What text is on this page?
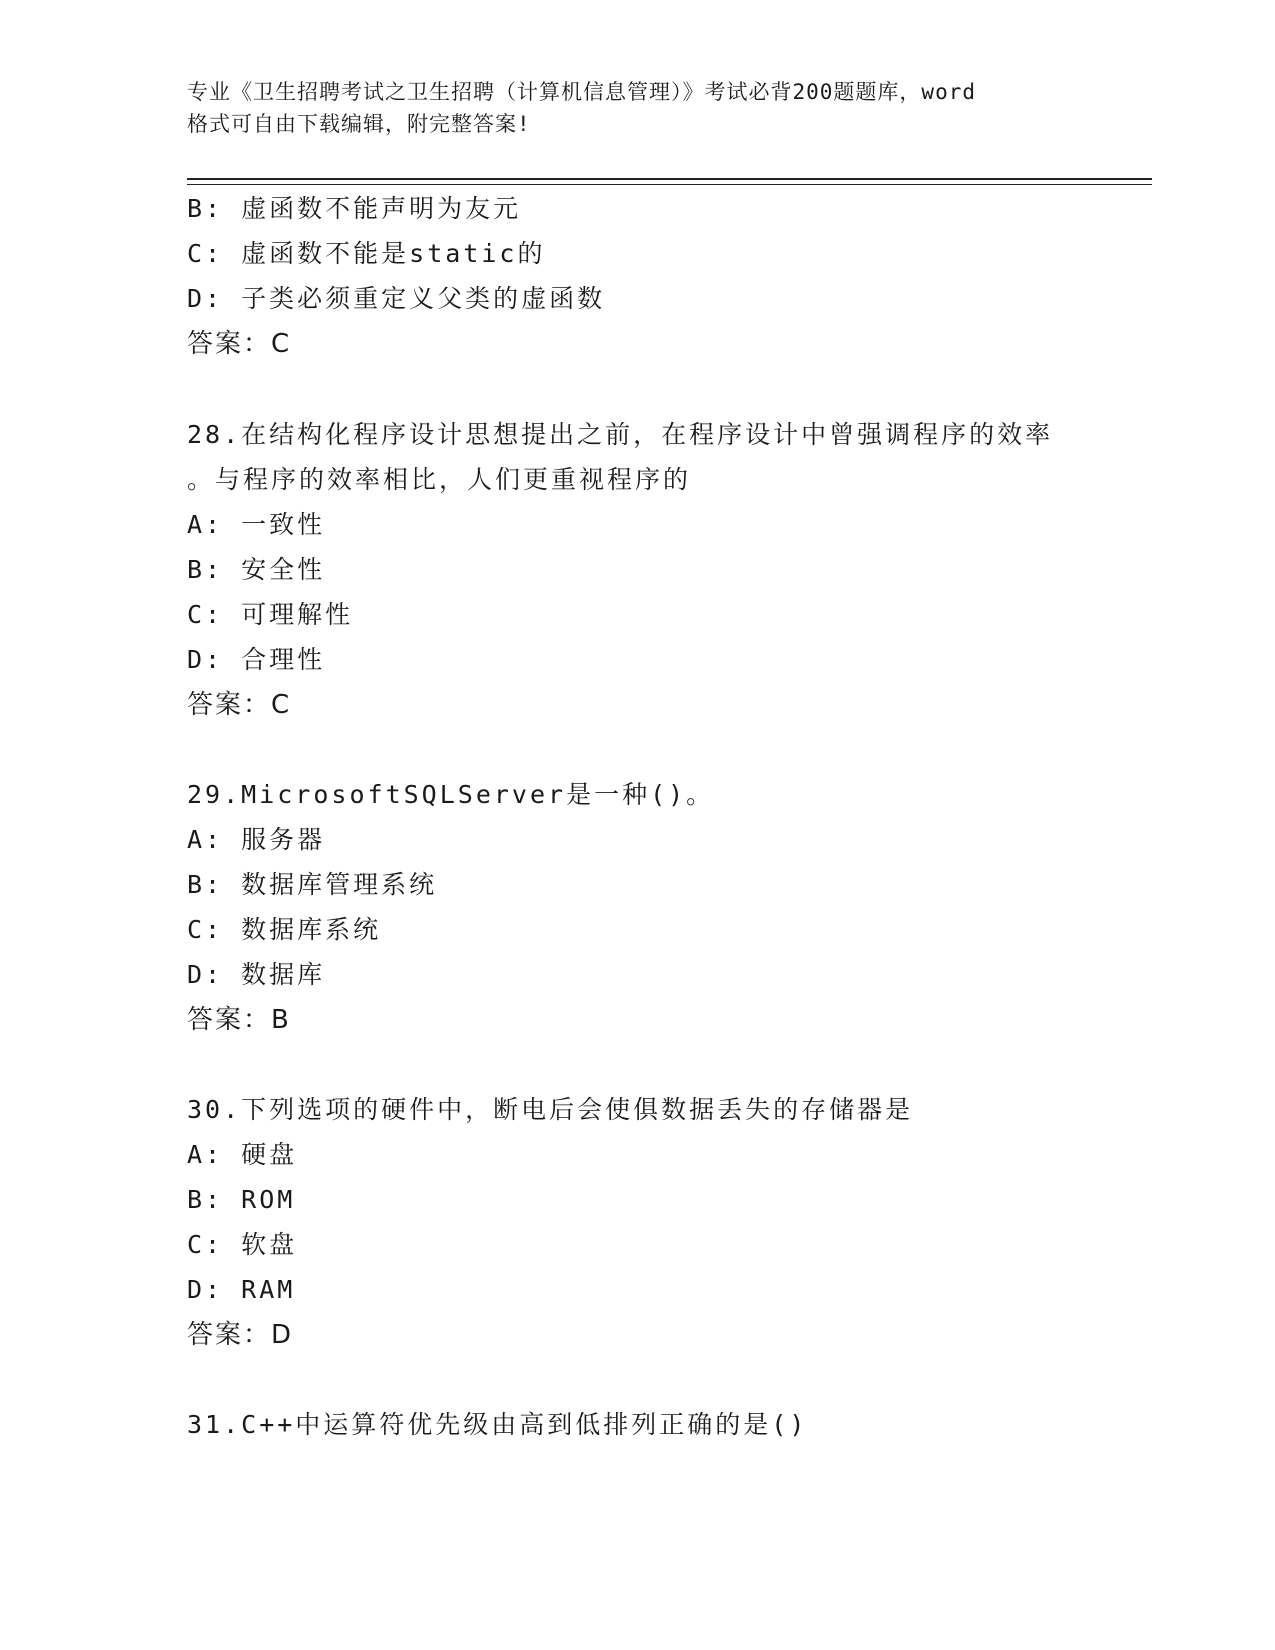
专业《卫生招聘考试之卫生招聘（计算机信息管理）》考试必背200题题库，word
格式可自由下载编辑，附完整答案!
B: 虚函数不能声明为友元
C: 虚函数不能是static的
D: 子类必须重定义父类的虚函数
答案：C
28.在结构化程序设计思想提出之前，在程序设计中曾强调程序的效率
。与程序的效率相比，人们更重视程序的
A: 一致性
B: 安全性
C: 可理解性
D: 合理性
答案：C
29.MicrosoftSQLServer是一种()。
A: 服务器
B: 数据库管理系统
C: 数据库系统
D: 数据库
答案：B
30.下列选项的硬件中，断电后会使俱数据丢失的存储器是
A: 硬盘
B: ROM
C: 软盘
D: RAM
答案：D
31.C++中运算符优先级由高到低排列正确的是()
